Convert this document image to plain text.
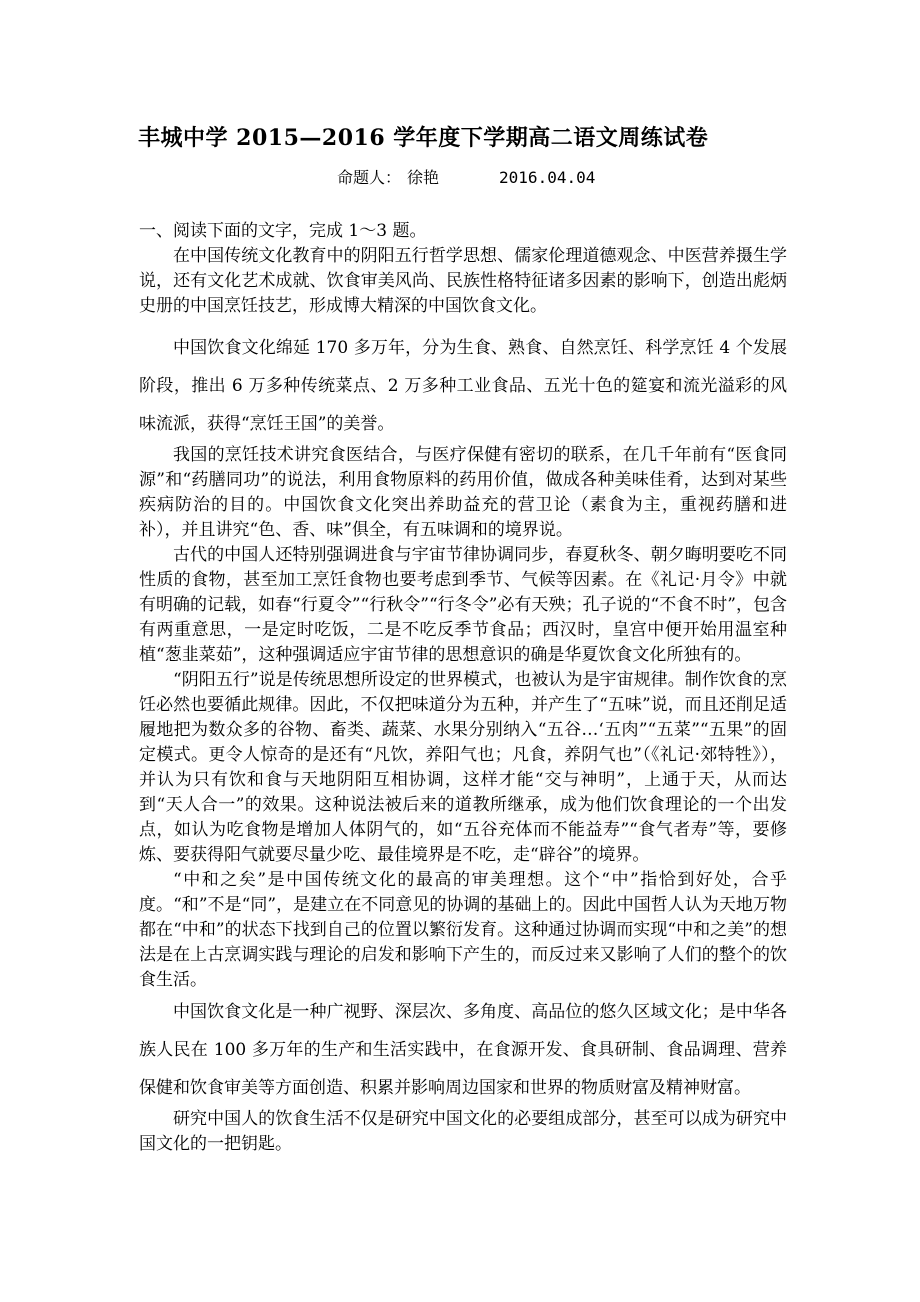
丰城中学 2015—2016 学年度下学期高二语文周练试卷
命题人： 徐艳	2016.04.04

一、阅读下面的文字，完成 1～3 题。

在中国传统文化教育中的阴阳五行哲学思想、儒家伦理道德观念、中医营养摄生学说，还有文化艺术成就、饮食审美风尚、民族性格特征诸多因素的影响下，创造出彪炳史册的中国烹饪技艺，形成博大精深的中国饮食文化。

中国饮食文化绵延 170 多万年，分为生食、熟食、自然烹饪、科学烹饪 4 个发展阶段，推出 6 万多种传统菜点、2 万多种工业食品、五光十色的筵宴和流光溢彩的风味流派，获得“烹饪王国”的美誉。

我国的烹饪技术讲究食医结合，与医疗保健有密切的联系，在几千年前有“医食同源”和“药膳同功”的说法，利用食物原料的药用价值，做成各种美味佳肴，达到对某些疾病防治的目的。中国饮食文化突出养助益充的营卫论（素食为主，重视药膳和进补），并且讲究“色、香、味”俱全，有五味调和的境界说。

古代的中国人还特别强调进食与宇宙节律协调同步，春夏秋冬、朝夕晦明要吃不同性质的食物，甚至加工烹饪食物也要考虑到季节、气候等因素。在《礼记·月令》中就有明确的记载，如春“行夏令”“行秋令”“行冬令”必有天殃；孔子说的“不食不时”，包含有两重意思，一是定时吃饭，二是不吃反季节食品；西汉时，皇宫中便开始用温室种植“葱韭菜茹”，这种强调适应宇宙节律的思想意识的确是华夏饮食文化所独有的。

“阴阳五行”说是传统思想所设定的世界模式，也被认为是宇宙规律。制作饮食的烹饪必然也要循此规律。因此，不仅把味道分为五种，并产生了“五味”说，而且还削足适履地把为数众多的谷物、畜类、蔬菜、水果分别纳入“五谷…‘五肉”“五菜”“五果”的固定模式。更令人惊奇的是还有“凡饮，养阳气也；凡食，养阴气也”（《礼记·郊特牲》），并认为只有饮和食与天地阴阳互相协调，这样才能“交与神明”，上通于天，从而达到“天人合一”的效果。这种说法被后来的道教所继承，成为他们饮食理论的一个出发点，如认为吃食物是增加人体阴气的，如“五谷充体而不能益寿”“食气者寿”等，要修炼、要获得阳气就要尽量少吃、最佳境界是不吃，走“辟谷”的境界。

“中和之矣”是中国传统文化的最高的审美理想。这个“中”指恰到好处，合乎度。“和”不是“同”，是建立在不同意见的协调的基础上的。因此中国哲人认为天地万物都在“中和”的状态下找到自己的位置以繁衍发育。这种通过协调而实现“中和之美”的想法是在上古烹调实践与理论的启发和影响下产生的，而反过来又影响了人们的整个的饮食生活。

中国饮食文化是一种广视野、深层次、多角度、高品位的悠久区域文化；是中华各族人民在 100 多万年的生产和生活实践中，在食源开发、食具研制、食品调理、营养保健和饮食审美等方面创造、积累并影响周边国家和世界的物质财富及精神财富。

研究中国人的饮食生活不仅是研究中国文化的必要组成部分，甚至可以成为研究中国文化的一把钥匙。
